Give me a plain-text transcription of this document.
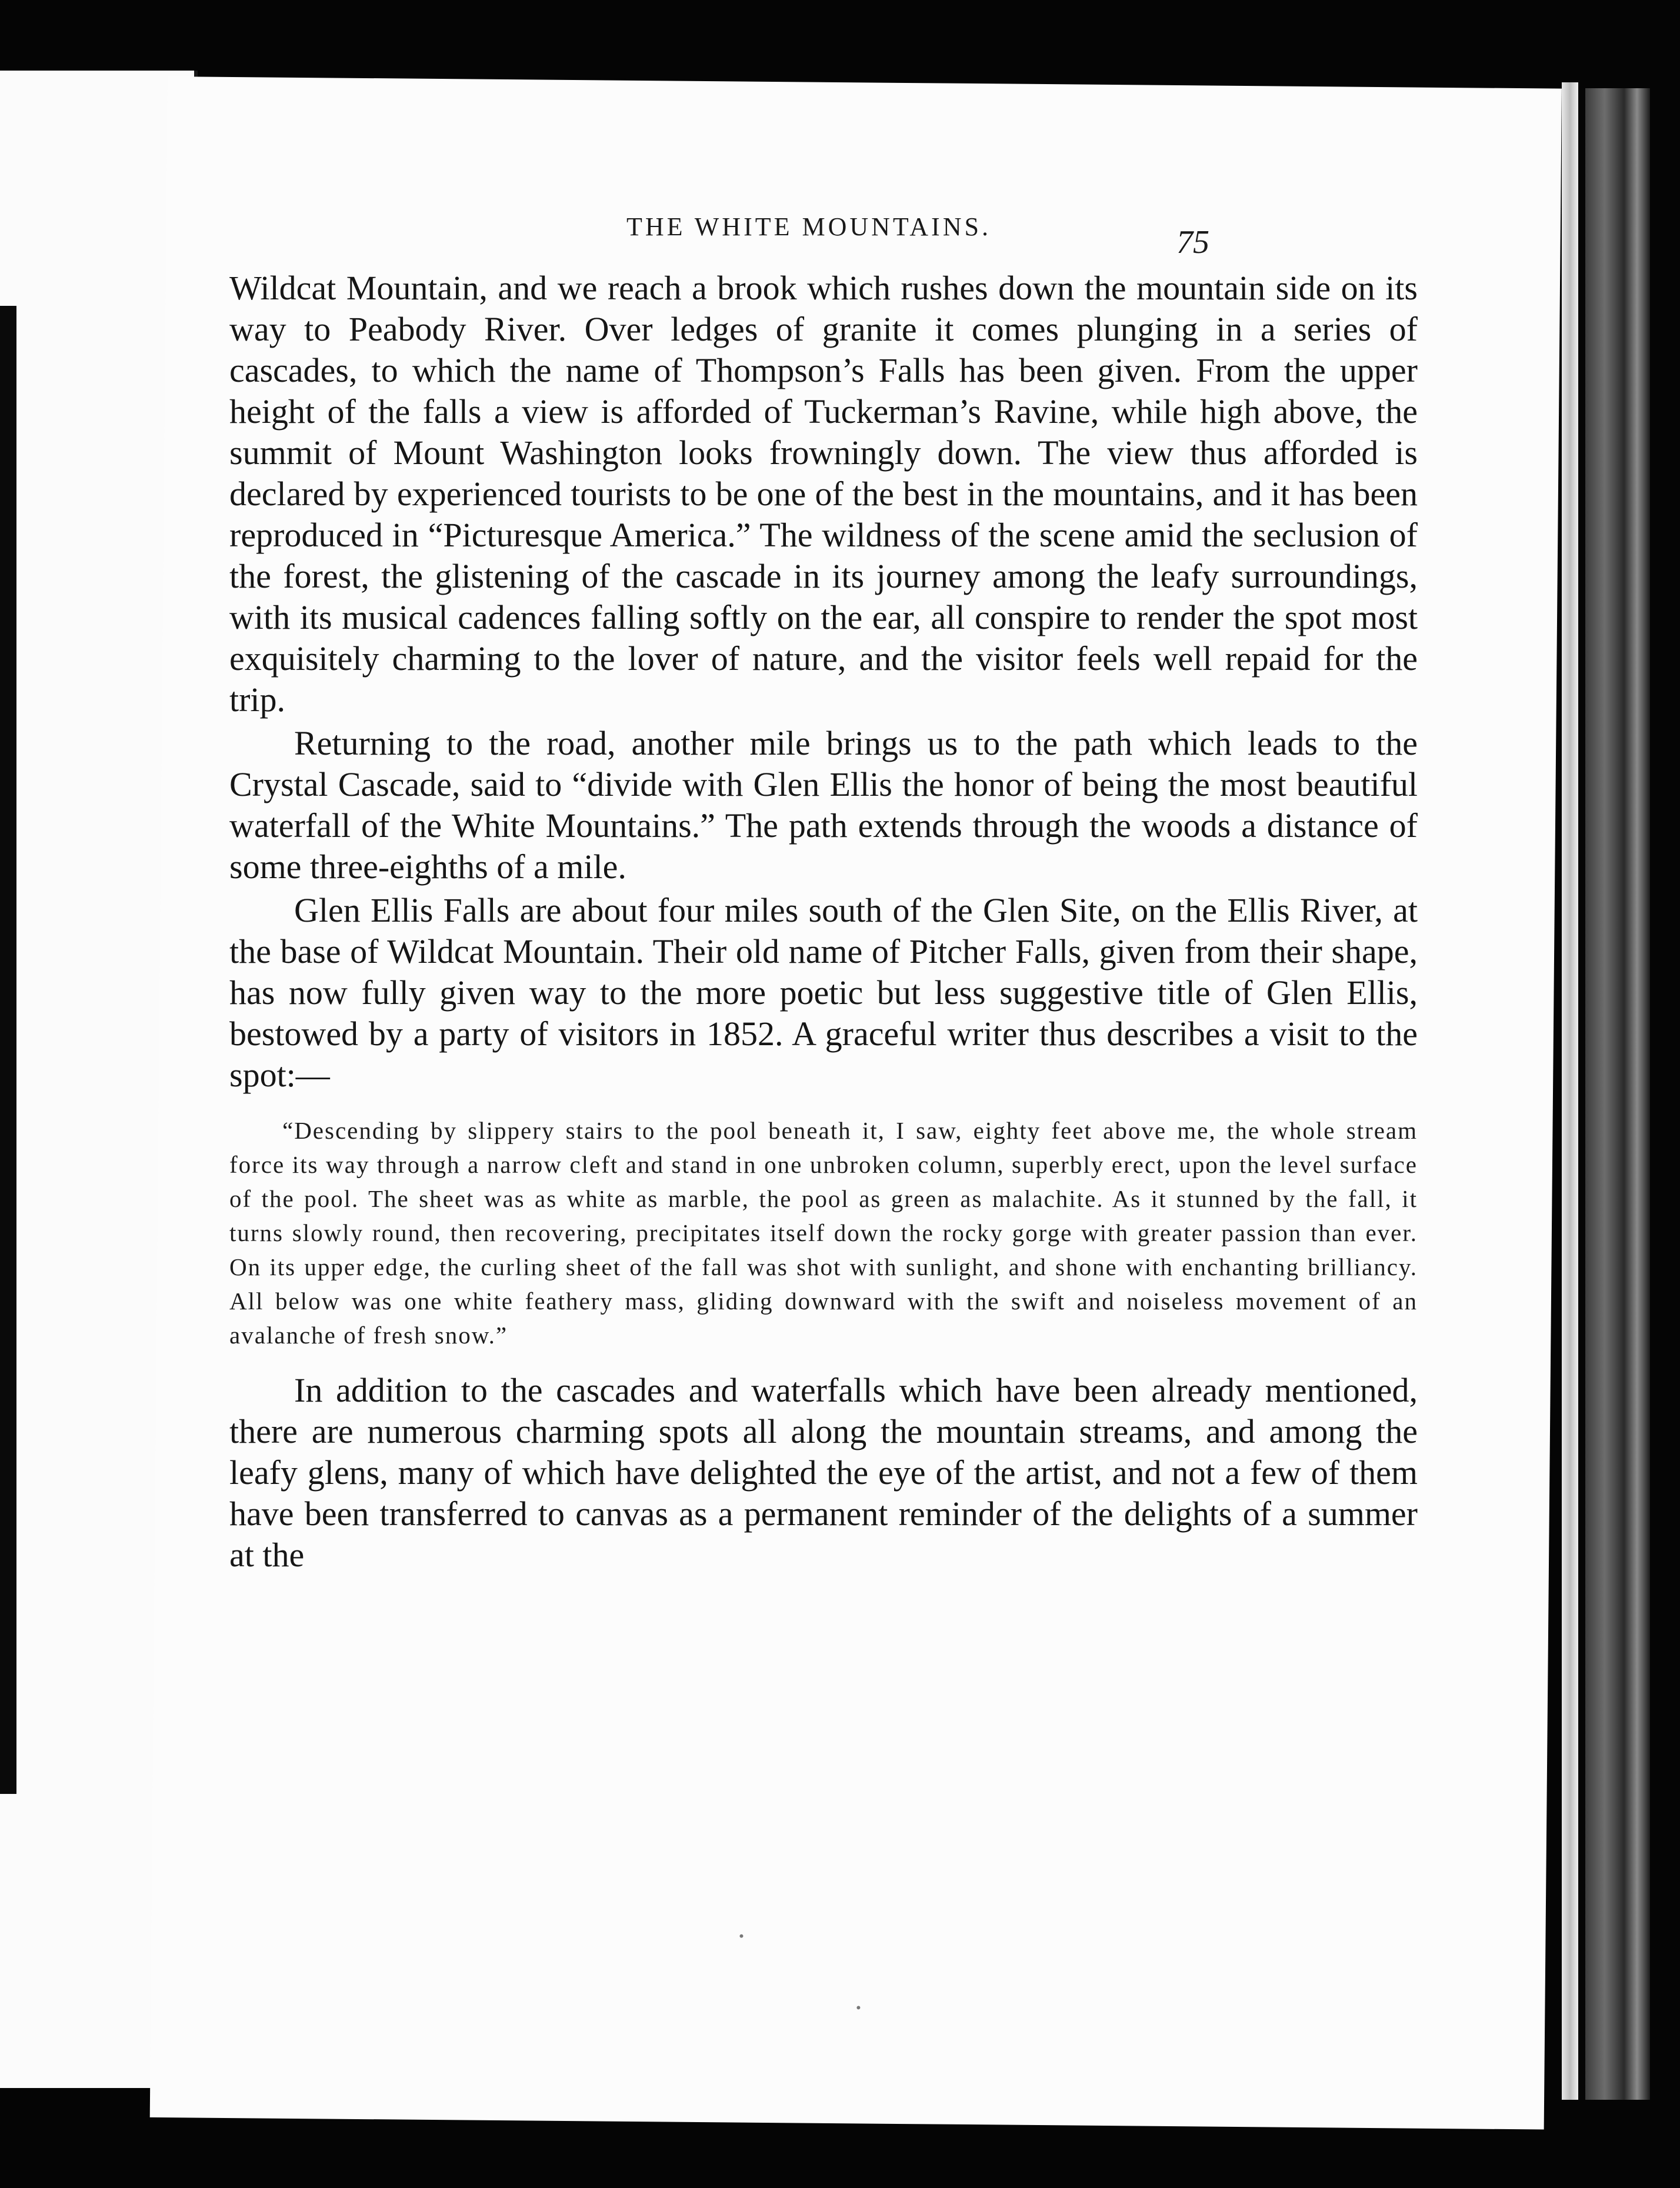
THE WHITE MOUNTAINS.	75

Wildcat Mountain, and we reach a brook which rushes down the mountain side on its way to Peabody River. Over ledges of granite it comes plunging in a series of cascades, to which the name of Thompson’s Falls has been given. From the upper height of the falls a view is afforded of Tuckerman’s Ravine, while high above, the summit of Mount Washington looks frowningly down. The view thus afforded is declared by experienced tourists to be one of the best in the mountains, and it has been reproduced in “Picturesque America.” The wildness of the scene amid the seclusion of the forest, the glistening of the cascade in its journey among the leafy surroundings, with its musical cadences falling softly on the ear, all conspire to render the spot most exquisitely charming to the lover of nature, and the visitor feels well repaid for the trip.

Returning to the road, another mile brings us to the path which leads to the Crystal Cascade, said to “divide with Glen Ellis the honor of being the most beautiful waterfall of the White Mountains.” The path extends through the woods a distance of some three-eighths of a mile.

Glen Ellis Falls are about four miles south of the Glen Site, on the Ellis River, at the base of Wildcat Mountain. Their old name of Pitcher Falls, given from their shape, has now fully given way to the more poetic but less suggestive title of Glen Ellis, bestowed by a party of visitors in 1852. A graceful writer thus describes a visit to the spot:—

“Descending by slippery stairs to the pool beneath it, I saw, eighty feet above me, the whole stream force its way through a narrow cleft and stand in one unbroken column, superbly erect, upon the level surface of the pool. The sheet was as white as marble, the pool as green as malachite. As it stunned by the fall, it turns slowly round, then recovering, precipitates itself down the rocky gorge with greater passion than ever. On its upper edge, the curling sheet of the fall was shot with sunlight, and shone with enchanting brilliancy. All below was one white feathery mass, gliding downward with the swift and noiseless movement of an avalanche of fresh snow.”

In addition to the cascades and waterfalls which have been already mentioned, there are numerous charming spots all along the mountain streams, and among the leafy glens, many of which have delighted the eye of the artist, and not a few of them have been transferred to canvas as a permanent reminder of the delights of a summer at the
